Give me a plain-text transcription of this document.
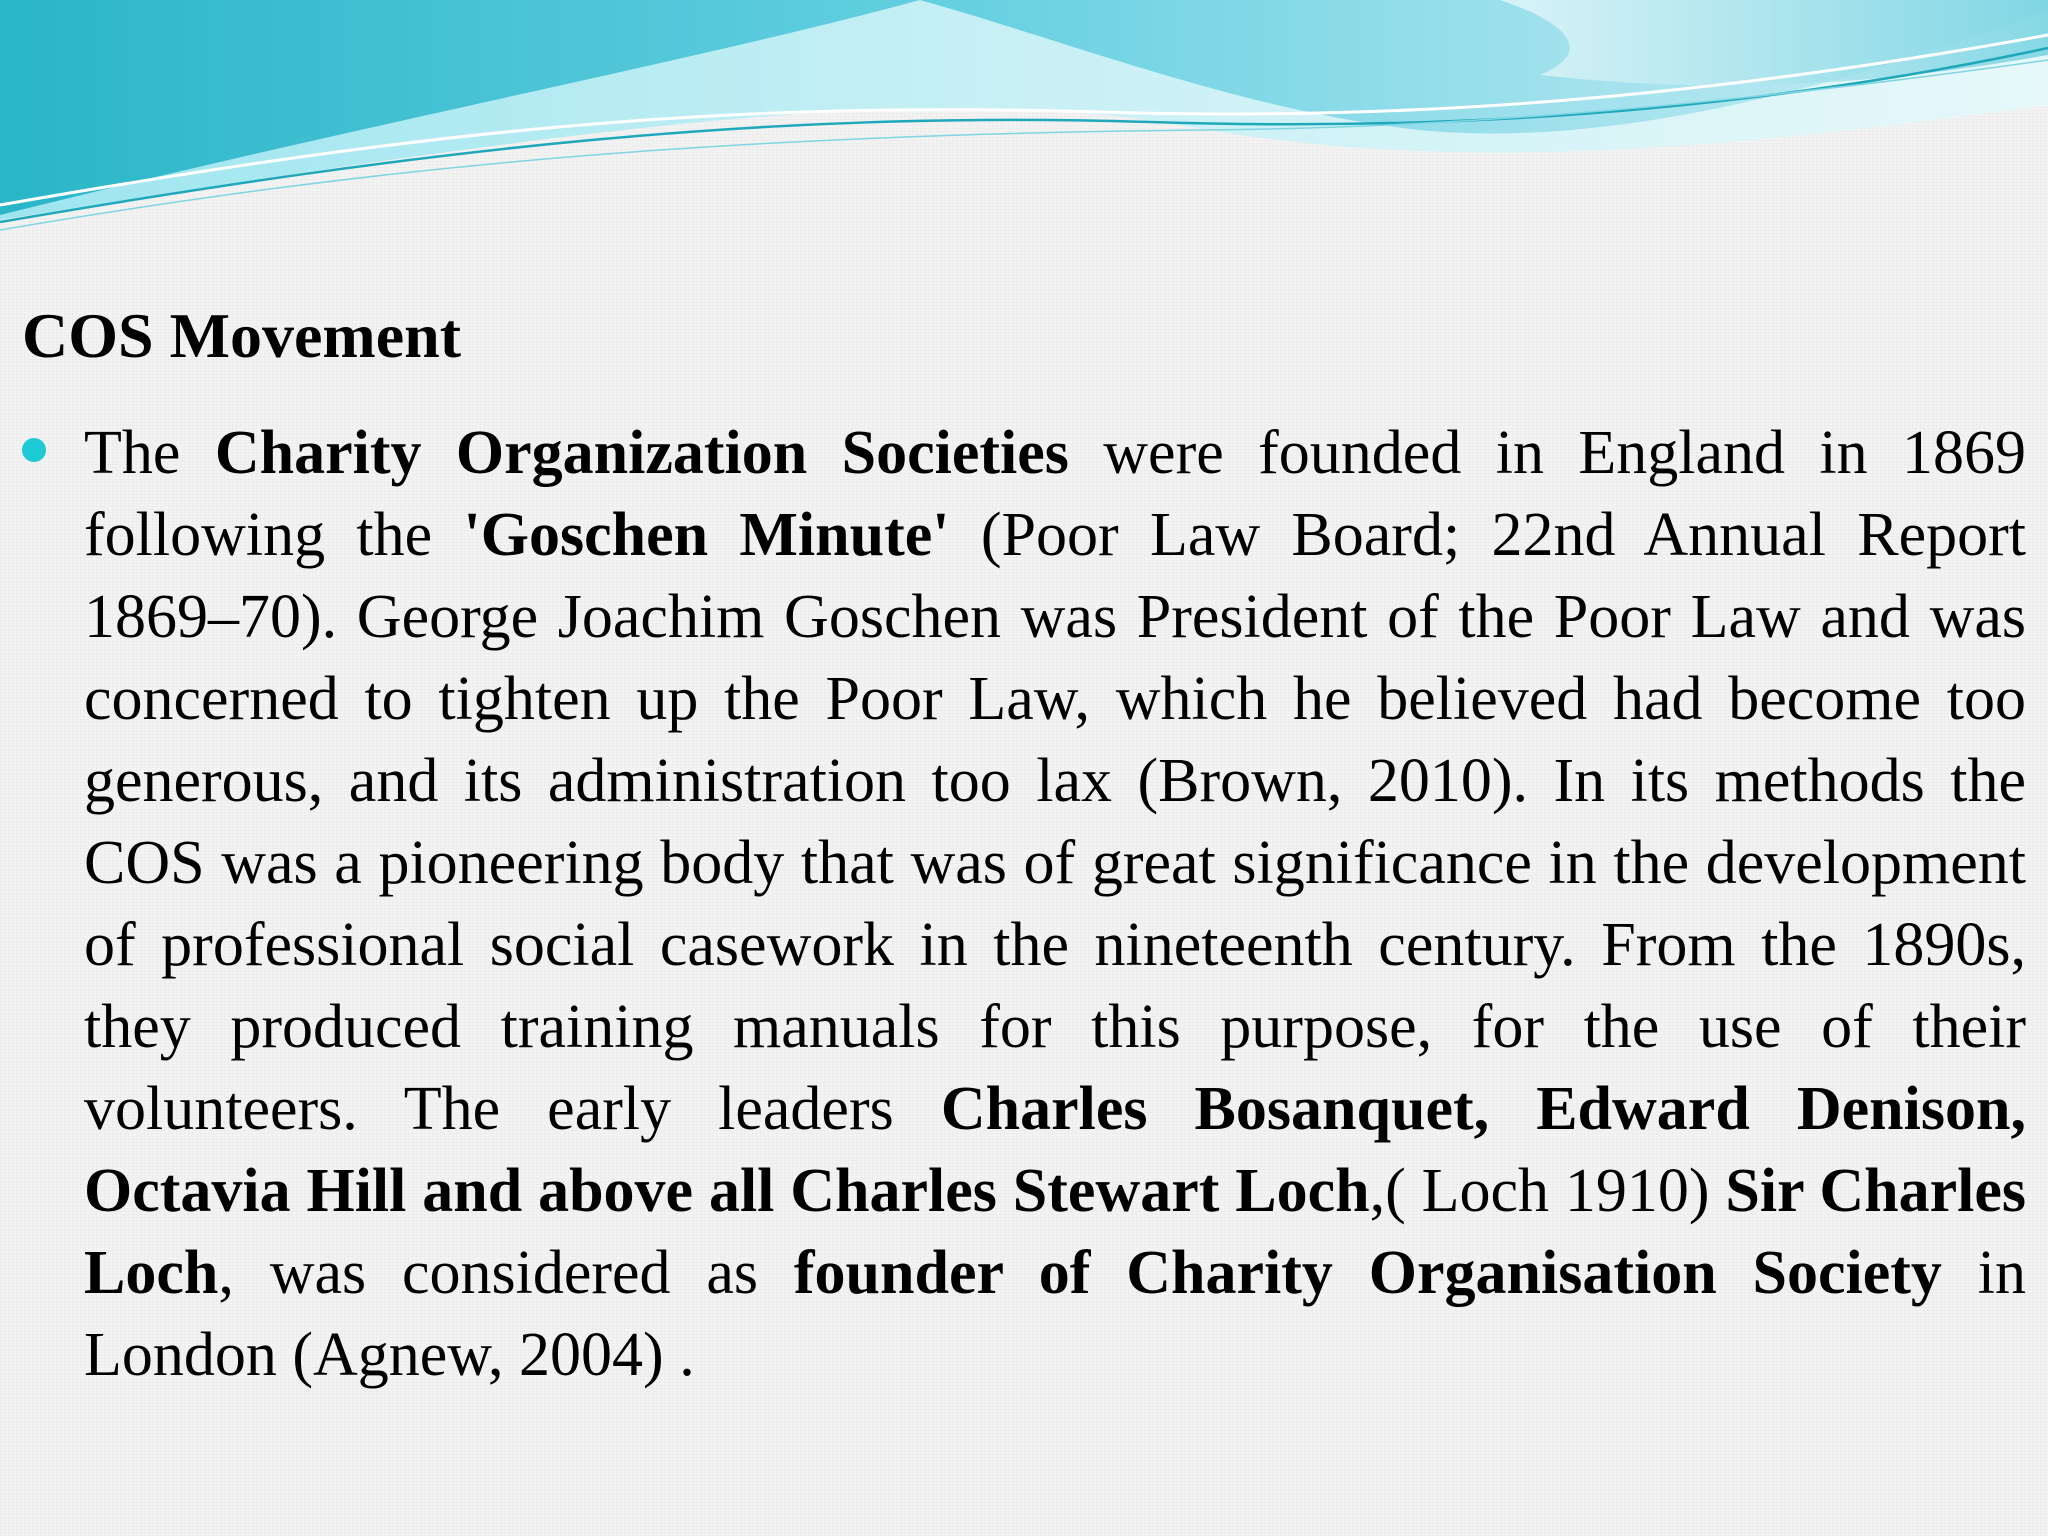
COS Movement

The Charity Organization Societies were founded in England in 1869 following the 'Goschen Minute' (Poor Law Board; 22nd Annual Report 1869–70). George Joachim Goschen was President of the Poor Law and was concerned to tighten up the Poor Law, which he believed had become too generous, and its administration too lax (Brown, 2010). In its methods the COS was a pioneering body that was of great significance in the development of professional social casework in the nineteenth century. From the 1890s, they produced training manuals for this purpose, for the use of their volunteers. The early leaders Charles Bosanquet, Edward Denison, Octavia Hill and above all Charles Stewart Loch,( Loch 1910) Sir Charles Loch, was considered as founder of Charity Organisation Society in London (Agnew, 2004) .
